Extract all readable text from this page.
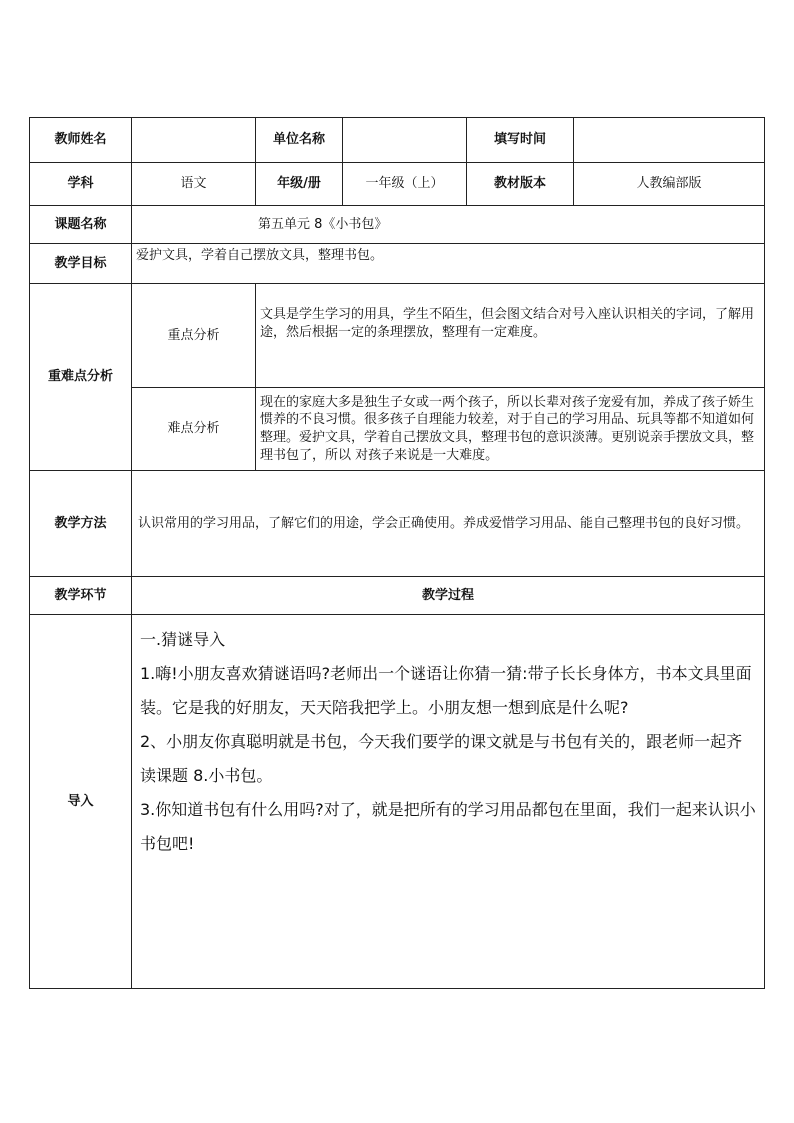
教师姓名		单位名称		填写时间	
学科	语文	年级/册	一年级（上）	教材版本	人教编部版
课题名称	第五单元 8《小书包》				
教学目标	爱护文具，学着自己摆放文具，整理书包。				
重难点分析	重点分析	文具是学生学习的用具，学生不陌生，但会图文结合对号入座认识相关的字词，了解用途，然后根据一定的条理摆放，整理有一定难度。			
	难点分析	现在的家庭大多是独生子女或一两个孩子，所以长辈对孩子宠爱有加，养成了孩子娇生惯养的不良习惯。很多孩子自理能力较差，对于自己的学习用品、玩具等都不知道如何整理。爱护文具，学着自己摆放文具，整理书包的意识淡薄。更别说亲手摆放文具，整理书包了，所以 对孩子来说是一大难度。			
教学方法	认识常用的学习用品，了解它们的用途，学会正确使用。养成爱惜学习用品、能自己整理书包的良好习惯。				
教学环节	教学过程				
导入	一.猜谜导入

1.嗨!小朋友喜欢猜谜语吗?老师出一个谜语让你猜一猜:带子长长身体方，书本文具里面装。它是我的好朋友，天天陪我把学上。小朋友想一想到底是什么呢?

2、小朋友你真聪明就是书包，今天我们要学的课文就是与书包有关的，跟老师一起齐读课题 8.小书包。

3.你知道书包有什么用吗?对了，就是把所有的学习用品都包在里面，我们一起来认识小书包吧!				
